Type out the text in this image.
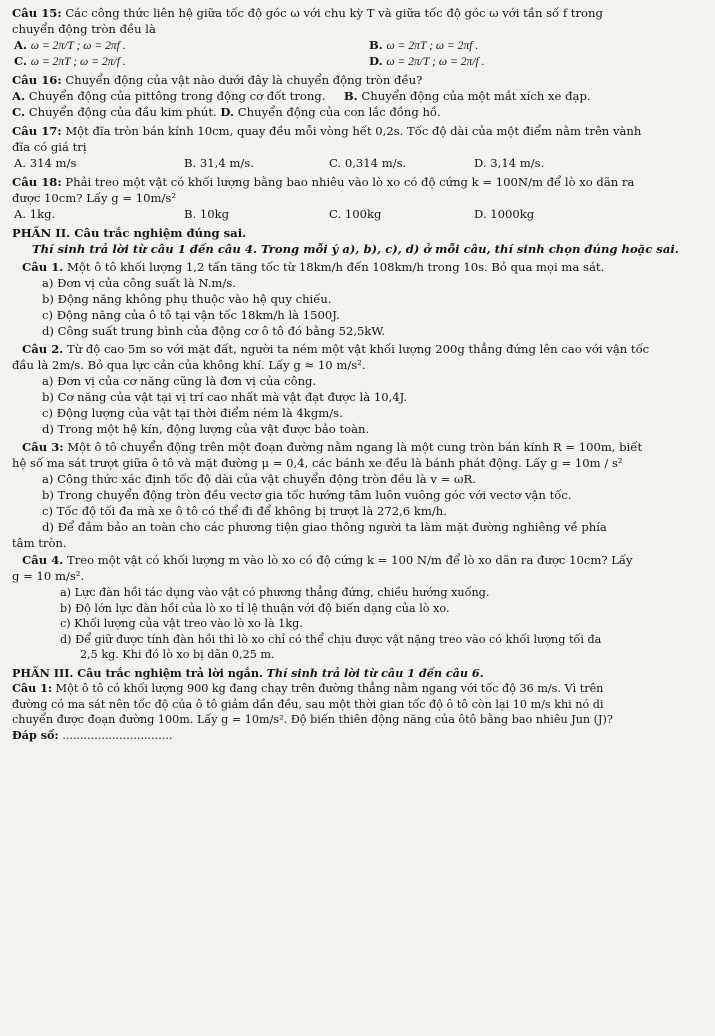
Câu 15: Các công thức liên hệ giữa tốc độ góc ω với chu kỳ T và giữa tốc độ góc ω với tần số f trong
chuyển động tròn đều là
A. ω = 2π/T ; ω = 2πf .	B. ω = 2πT ; ω = 2πf .
C. ω = 2πT ; ω = 2π/f .	D. ω = 2π/T ; ω = 2π/f .
Câu 16: Chuyển động của vật nào dưới đây là chuyển động tròn đều?
A. Chuyển động của pittông trong động cơ đốt trong. B. Chuyển động của một mắt xích xe đạp.
C. Chuyển động của đầu kim phút. D. Chuyển động của con lắc đồng hồ.
Câu 17: Một đĩa tròn bán kính 10cm, quay đều mỗi vòng hết 0,2s. Tốc độ dài của một điểm nằm trên vành
đĩa có giá trị
A. 314 m/s	B. 31,4 m/s.	C. 0,314 m/s.	D. 3,14 m/s.
Câu 18: Phải treo một vật có khối lượng bằng bao nhiêu vào lò xo có độ cứng k = 100N/m để lò xo dãn ra
được 10cm? Lấy g = 10m/s²
A. 1kg.	B. 10kg	C. 100kg	D. 1000kg
PHẦN II. Câu trắc nghiệm đúng sai.
Thí sinh trả lời từ câu 1 đến câu 4. Trong mỗi ý a), b), c), d) ở mỗi câu, thí sinh chọn đúng hoặc sai.
Câu 1. Một ô tô khối lượng 1,2 tấn tăng tốc từ 18km/h đến 108km/h trong 10s. Bỏ qua mọi ma sát.
a) Đơn vị của công suất là N.m/s.
b) Động năng không phụ thuộc vào hệ quy chiếu.
c) Động năng của ô tô tại vận tốc 18km/h là 1500J.
d) Công suất trung bình của động cơ ô tô đó bằng 52,5kW.
Câu 2. Từ độ cao 5m so với mặt đất, người ta ném một vật khối lượng 200g thẳng đứng lên cao với vận tốc
đầu là 2m/s. Bỏ qua lực cản của không khí. Lấy g ≈ 10 m/s².
a) Đơn vị của cơ năng cũng là đơn vị của công.
b) Cơ năng của vật tại vị trí cao nhất mà vật đạt được là 10,4J.
c) Động lượng của vật tại thời điểm ném là 4kgm/s.
d) Trong một hệ kín, động lượng của vật được bảo toàn.
Câu 3: Một ô tô chuyển động trên một đoạn đường nằm ngang là một cung tròn bán kính R = 100m, biết
hệ số ma sát trượt giữa ô tô và mặt đường μ = 0,4, các bánh xe đều là bánh phát động. Lấy g = 10m / s²
a) Công thức xác định tốc độ dài của vật chuyển động tròn đều là v = ωR.
b) Trong chuyển động tròn đều vectơ gia tốc hướng tâm luôn vuông góc với vectơ vận tốc.
c) Tốc độ tối đa mà xe ô tô có thể đi để không bị trượt là 272,6 km/h.
d) Để đảm bảo an toàn cho các phương tiện giao thông người ta làm mặt đường nghiêng về phía
tâm tròn.
Câu 4. Treo một vật có khối lượng m vào lò xo có độ cứng k = 100 N/m để lò xo dãn ra được 10cm? Lấy
g = 10 m/s².
a) Lực đàn hồi tác dụng vào vật có phương thẳng đứng, chiều hướng xuống.
b) Độ lớn lực đàn hồi của lò xo tỉ lệ thuận với độ biến dạng của lò xo.
c) Khối lượng của vật treo vào lò xo là 1kg.
d) Để giữ được tính đàn hồi thì lò xo chỉ có thể chịu được vật nặng treo vào có khối lượng tối đa
2,5 kg. Khi đó lò xo bị dãn 0,25 m.
PHẦN III. Câu trắc nghiệm trả lời ngắn. Thí sinh trả lời từ câu 1 đến câu 6.
Câu 1: Một ô tô có khối lượng 900 kg đang chạy trên đường thẳng nằm ngang với tốc độ 36 m/s. Vì trên
đường có ma sát nên tốc độ của ô tô giảm dần đều, sau một thời gian tốc độ ô tô còn lại 10 m/s khi nó di
chuyển được đoạn đường 100m. Lấy g = 10m/s². Độ biến thiên động năng của ôtô bằng bao nhiêu Jun (J)?
Đáp số: ...............................
